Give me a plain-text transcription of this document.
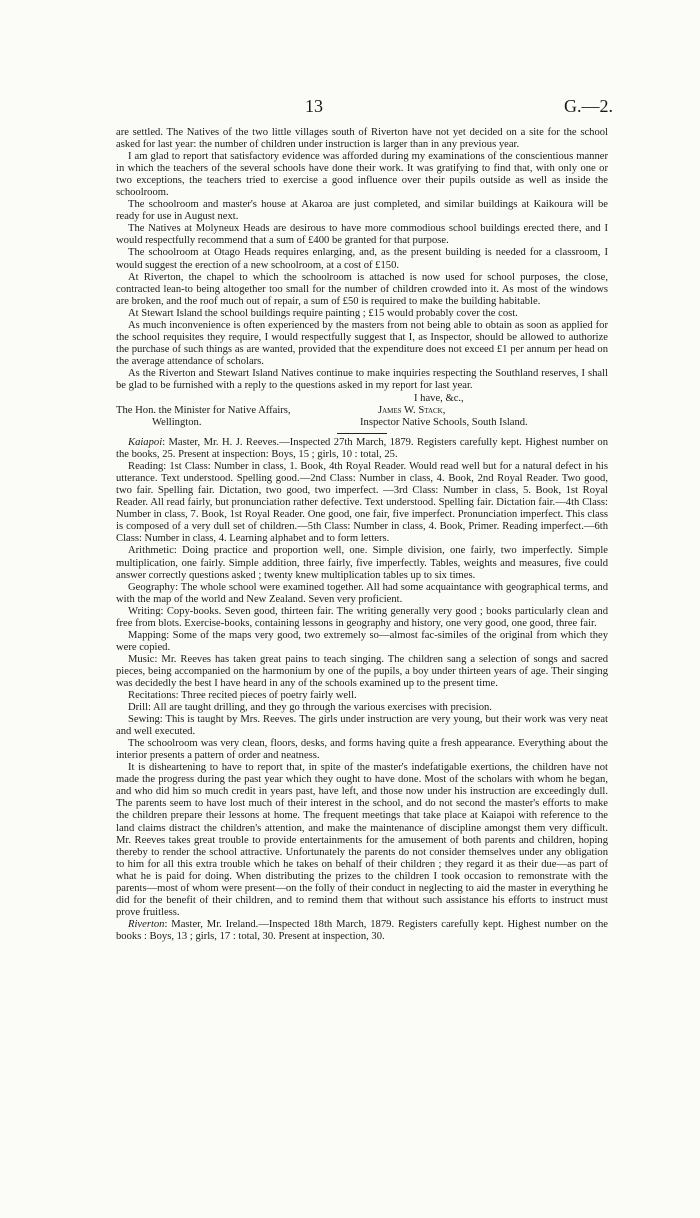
13	G.—2.

are settled. The Natives of the two little villages south of Riverton have not yet decided on a site for the school asked for last year: the number of children under instruction is larger than in any previous year.

I am glad to report that satisfactory evidence was afforded during my examinations of the conscientious manner in which the teachers of the several schools have done their work. It was gratifying to find that, with only one or two exceptions, the teachers tried to exercise a good influence over their pupils outside as well as inside the schoolroom.

The schoolroom and master's house at Akaroa are just completed, and similar buildings at Kaikoura will be ready for use in August next.

The Natives at Molyneux Heads are desirous to have more commodious school buildings erected there, and I would respectfully recommend that a sum of £400 be granted for that purpose.

The schoolroom at Otago Heads requires enlarging, and, as the present building is needed for a classroom, I would suggest the erection of a new schoolroom, at a cost of £150.

At Riverton, the chapel to which the schoolroom is attached is now used for school purposes, the close, contracted lean-to being altogether too small for the number of children crowded into it. As most of the windows are broken, and the roof much out of repair, a sum of £50 is required to make the building habitable.

At Stewart Island the school buildings require painting ; £15 would probably cover the cost.

As much inconvenience is often experienced by the masters from not being able to obtain as soon as applied for the school requisites they require, I would respectfully suggest that I, as Inspector, should be allowed to authorize the purchase of such things as are wanted, provided that the expenditure does not exceed £1 per annum per head on the average attendance of scholars.

As the Riverton and Stewart Island Natives continue to make inquiries respecting the Southland reserves, I shall be glad to be furnished with a reply to the questions asked in my report for last year.

I have, &c.,
The Hon. the Minister for Native Affairs,	James W. Stack,
Wellington.	Inspector Native Schools, South Island.

Kaiapoi: Master, Mr. H. J. Reeves.—Inspected 27th March, 1879. Registers carefully kept. Highest number on the books, 25. Present at inspection: Boys, 15 ; girls, 10 : total, 25.

Reading: 1st Class: Number in class, 1. Book, 4th Royal Reader. Would read well but for a natural defect in his utterance. Text understood. Spelling good.—2nd Class: Number in class, 4. Book, 2nd Royal Reader. Two good, two fair. Spelling fair. Dictation, two good, two imperfect. —3rd Class: Number in class, 5. Book, 1st Royal Reader. All read fairly, but pronunciation rather defective. Text understood. Spelling fair. Dictation fair.—4th Class: Number in class, 7. Book, 1st Royal Reader. One good, one fair, five imperfect. Pronunciation imperfect. This class is composed of a very dull set of children.—5th Class: Number in class, 4. Book, Primer. Reading imperfect.—6th Class: Number in class, 4. Learning alphabet and to form letters.

Arithmetic: Doing practice and proportion well, one. Simple division, one fairly, two imperfectly. Simple multiplication, one fairly. Simple addition, three fairly, five imperfectly. Tables, weights and measures, five could answer correctly questions asked ; twenty knew multiplication tables up to six times.

Geography: The whole school were examined together. All had some acquaintance with geographical terms, and with the map of the world and New Zealand. Seven very proficient.

Writing: Copy-books. Seven good, thirteen fair. The writing generally very good ; books particularly clean and free from blots. Exercise-books, containing lessons in geography and history, one very good, one good, three fair.

Mapping: Some of the maps very good, two extremely so—almost fac-similes of the original from which they were copied.

Music: Mr. Reeves has taken great pains to teach singing. The children sang a selection of songs and sacred pieces, being accompanied on the harmonium by one of the pupils, a boy under thirteen years of age. Their singing was decidedly the best I have heard in any of the schools examined up to the present time.

Recitations: Three recited pieces of poetry fairly well.

Drill: All are taught drilling, and they go through the various exercises with precision.

Sewing: This is taught by Mrs. Reeves. The girls under instruction are very young, but their work was very neat and well executed.

The schoolroom was very clean, floors, desks, and forms having quite a fresh appearance. Everything about the interior presents a pattern of order and neatness.

It is disheartening to have to report that, in spite of the master's indefatigable exertions, the children have not made the progress during the past year which they ought to have done. Most of the scholars with whom he began, and who did him so much credit in years past, have left, and those now under his instruction are exceedingly dull. The parents seem to have lost much of their interest in the school, and do not second the master's efforts to make the children prepare their lessons at home. The frequent meetings that take place at Kaiapoi with reference to the land claims distract the children's attention, and make the maintenance of discipline amongst them very difficult. Mr. Reeves takes great trouble to provide entertainments for the amusement of both parents and children, hoping thereby to render the school attractive. Unfortunately the parents do not consider themselves under any obligation to him for all this extra trouble which he takes on behalf of their children ; they regard it as their due—as part of what he is paid for doing. When distributing the prizes to the children I took occasion to remonstrate with the parents—most of whom were present—on the folly of their conduct in neglecting to aid the master in everything he did for the benefit of their children, and to remind them that without such assistance his efforts to instruct must prove fruitless.

Riverton: Master, Mr. Ireland.—Inspected 18th March, 1879. Registers carefully kept. Highest number on the books : Boys, 13 ; girls, 17 : total, 30. Present at inspection, 30.
